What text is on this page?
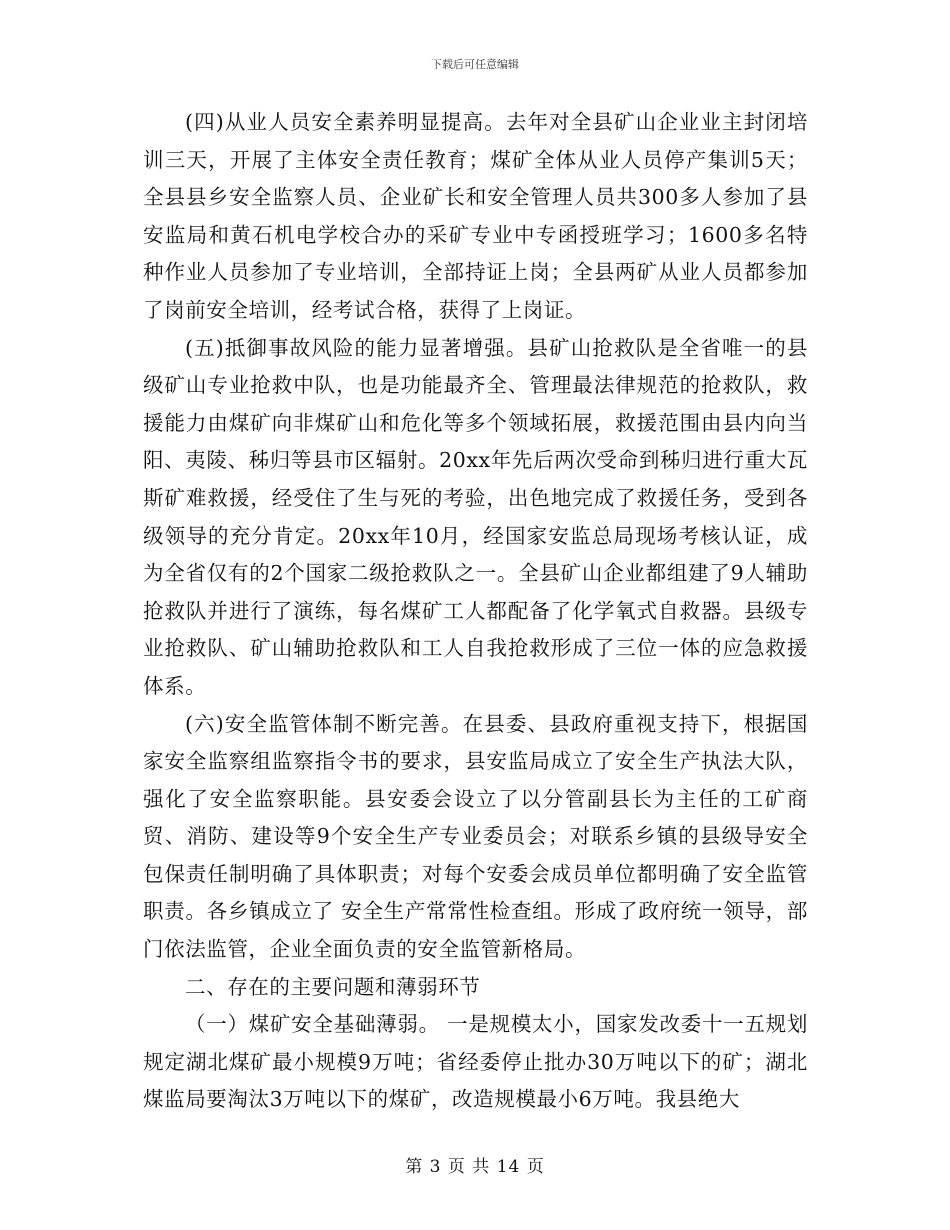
下载后可任意编辑

(四)从业人员安全素养明显提高。去年对全县矿山企业业主封闭培训三天，开展了主体安全责任教育；煤矿全体从业人员停产集训5天；全县县乡安全监察人员、企业矿长和安全管理人员共300多人参加了县安监局和黄石机电学校合办的采矿专业中专函授班学习；1600多名特种作业人员参加了专业培训，全部持证上岗；全县两矿从业人员都参加了岗前安全培训，经考试合格，获得了上岗证。

(五)抵御事故风险的能力显著增强。县矿山抢救队是全省唯一的县级矿山专业抢救中队，也是功能最齐全、管理最法律规范的抢救队，救援能力由煤矿向非煤矿山和危化等多个领域拓展，救援范围由县内向当阳、夷陵、秭归等县市区辐射。20xx年先后两次受命到秭归进行重大瓦斯矿难救援，经受住了生与死的考验，出色地完成了救援任务，受到各级领导的充分肯定。20xx年10月，经国家安监总局现场考核认证，成为全省仅有的2个国家二级抢救队之一。全县矿山企业都组建了9人辅助抢救队并进行了演练，每名煤矿工人都配备了化学氧式自救器。县级专业抢救队、矿山辅助抢救队和工人自我抢救形成了三位一体的应急救援体系。

(六)安全监管体制不断完善。在县委、县政府重视支持下，根据国家安全监察组监察指令书的要求，县安监局成立了安全生产执法大队，强化了安全监察职能。县安委会设立了以分管副县长为主任的工矿商贸、消防、建设等9个安全生产专业委员会；对联系乡镇的县级导安全包保责任制明确了具体职责；对每个安委会成员单位都明确了安全监管职责。各乡镇成立了 安全生产常常性检查组。形成了政府统一领导，部门依法监管，企业全面负责的安全监管新格局。

二、存在的主要问题和薄弱环节

（一）煤矿安全基础薄弱。 一是规模太小，国家发改委十一五规划规定湖北煤矿最小规模9万吨；省经委停止批办30万吨以下的矿；湖北煤监局要淘汰3万吨以下的煤矿，改造规模最小6万吨。我县绝大

第 3 页 共 14 页
